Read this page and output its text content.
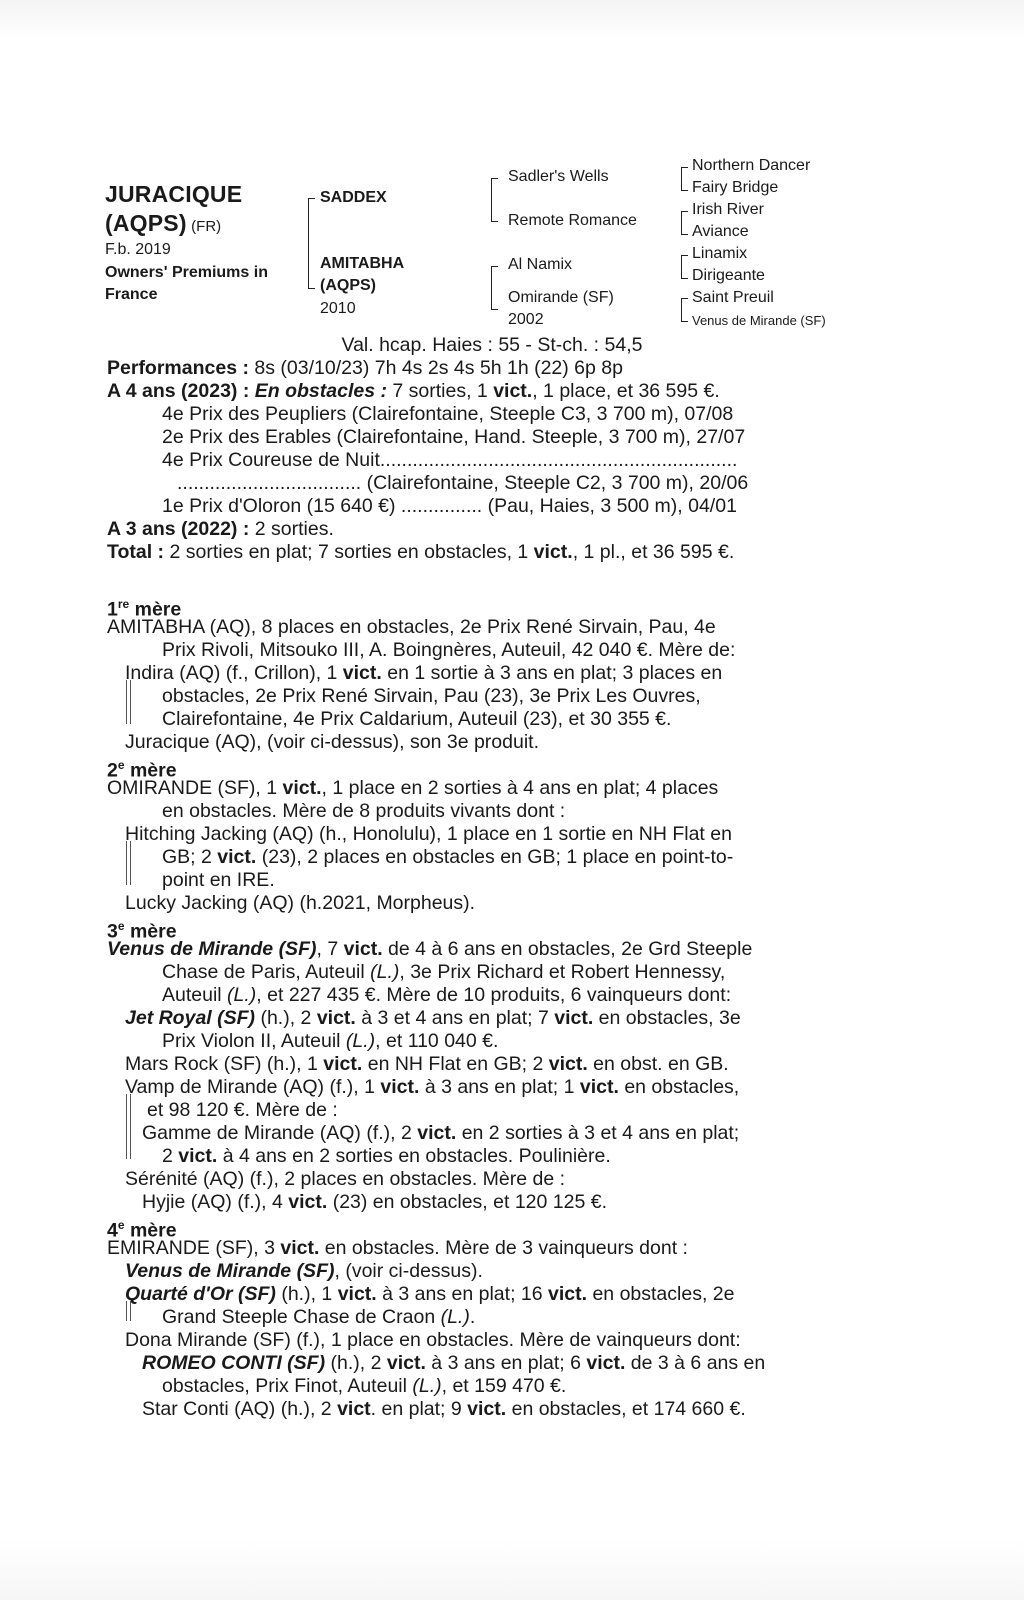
JURACIQUE
(AQPS) (FR)
F.b. 2019
Owners' Premiums in
France
SADDEX
AMITABHA
(AQPS)
2010
Sadler's Wells
Remote Romance
Al Namix
Omirande (SF)
2002
Northern Dancer
Fairy Bridge
Irish River
Aviance
Linamix
Dirigeante
Saint Preuil
Venus de Mirande (SF)
Val. hcap. Haies : 55 - St-ch. : 54,5
Performances : 8s (03/10/23) 7h 4s 2s 4s 5h 1h (22) 6p 8p
A 4 ans (2023) : En obstacles : 7 sorties, 1 vict., 1 place, et 36 595 €.
4e Prix des Peupliers (Clairefontaine, Steeple C3, 3 700 m), 07/08
2e Prix des Erables (Clairefontaine, Hand. Steeple, 3 700 m), 27/07
4e Prix Coureuse de Nuit..................................................................
.................................. (Clairefontaine, Steeple C2, 3 700 m), 20/06
1e Prix d'Oloron (15 640 €) ............... (Pau, Haies, 3 500 m), 04/01
A 3 ans (2022) : 2 sorties.
Total : 2 sorties en plat; 7 sorties en obstacles, 1 vict., 1 pl., et 36 595 €.
1re mère
AMITABHA (AQ), 8 places en obstacles, 2e Prix René Sirvain, Pau, 4e
Prix Rivoli, Mitsouko III, A. Boingnères, Auteuil, 42 040 €. Mère de:
Indira (AQ) (f., Crillon), 1 vict. en 1 sortie à 3 ans en plat; 3 places en
obstacles, 2e Prix René Sirvain, Pau (23), 3e Prix Les Ouvres,
Clairefontaine, 4e Prix Caldarium, Auteuil (23), et 30 355 €.
Juracique (AQ), (voir ci-dessus), son 3e produit.
2e mère
OMIRANDE (SF), 1 vict., 1 place en 2 sorties à 4 ans en plat; 4 places
en obstacles. Mère de 8 produits vivants dont :
Hitching Jacking (AQ) (h., Honolulu), 1 place en 1 sortie en NH Flat en
GB; 2 vict. (23), 2 places en obstacles en GB; 1 place en point-to-
point en IRE.
Lucky Jacking (AQ) (h.2021, Morpheus).
3e mère
Venus de Mirande (SF), 7 vict. de 4 à 6 ans en obstacles, 2e Grd Steeple
Chase de Paris, Auteuil (L.), 3e Prix Richard et Robert Hennessy,
Auteuil (L.), et 227 435 €. Mère de 10 produits, 6 vainqueurs dont:
Jet Royal (SF) (h.), 2 vict. à 3 et 4 ans en plat; 7 vict. en obstacles, 3e
Prix Violon II, Auteuil (L.), et 110 040 €.
Mars Rock (SF) (h.), 1 vict. en NH Flat en GB; 2 vict. en obst. en GB.
Vamp de Mirande (AQ) (f.), 1 vict. à 3 ans en plat; 1 vict. en obstacles,
et 98 120 €. Mère de :
Gamme de Mirande (AQ) (f.), 2 vict. en 2 sorties à 3 et 4 ans en plat;
2 vict. à 4 ans en 2 sorties en obstacles. Poulinière.
Sérénité (AQ) (f.), 2 places en obstacles. Mère de :
Hyjie (AQ) (f.), 4 vict. (23) en obstacles, et 120 125 €.
4e mère
EMIRANDE (SF), 3 vict. en obstacles. Mère de 3 vainqueurs dont :
Venus de Mirande (SF), (voir ci-dessus).
Quarté d'Or (SF) (h.), 1 vict. à 3 ans en plat; 16 vict. en obstacles, 2e
Grand Steeple Chase de Craon (L.).
Dona Mirande (SF) (f.), 1 place en obstacles. Mère de vainqueurs dont:
ROMEO CONTI (SF) (h.), 2 vict. à 3 ans en plat; 6 vict. de 3 à 6 ans en
obstacles, Prix Finot, Auteuil (L.), et 159 470 €.
Star Conti (AQ) (h.), 2 vict. en plat; 9 vict. en obstacles, et 174 660 €.
